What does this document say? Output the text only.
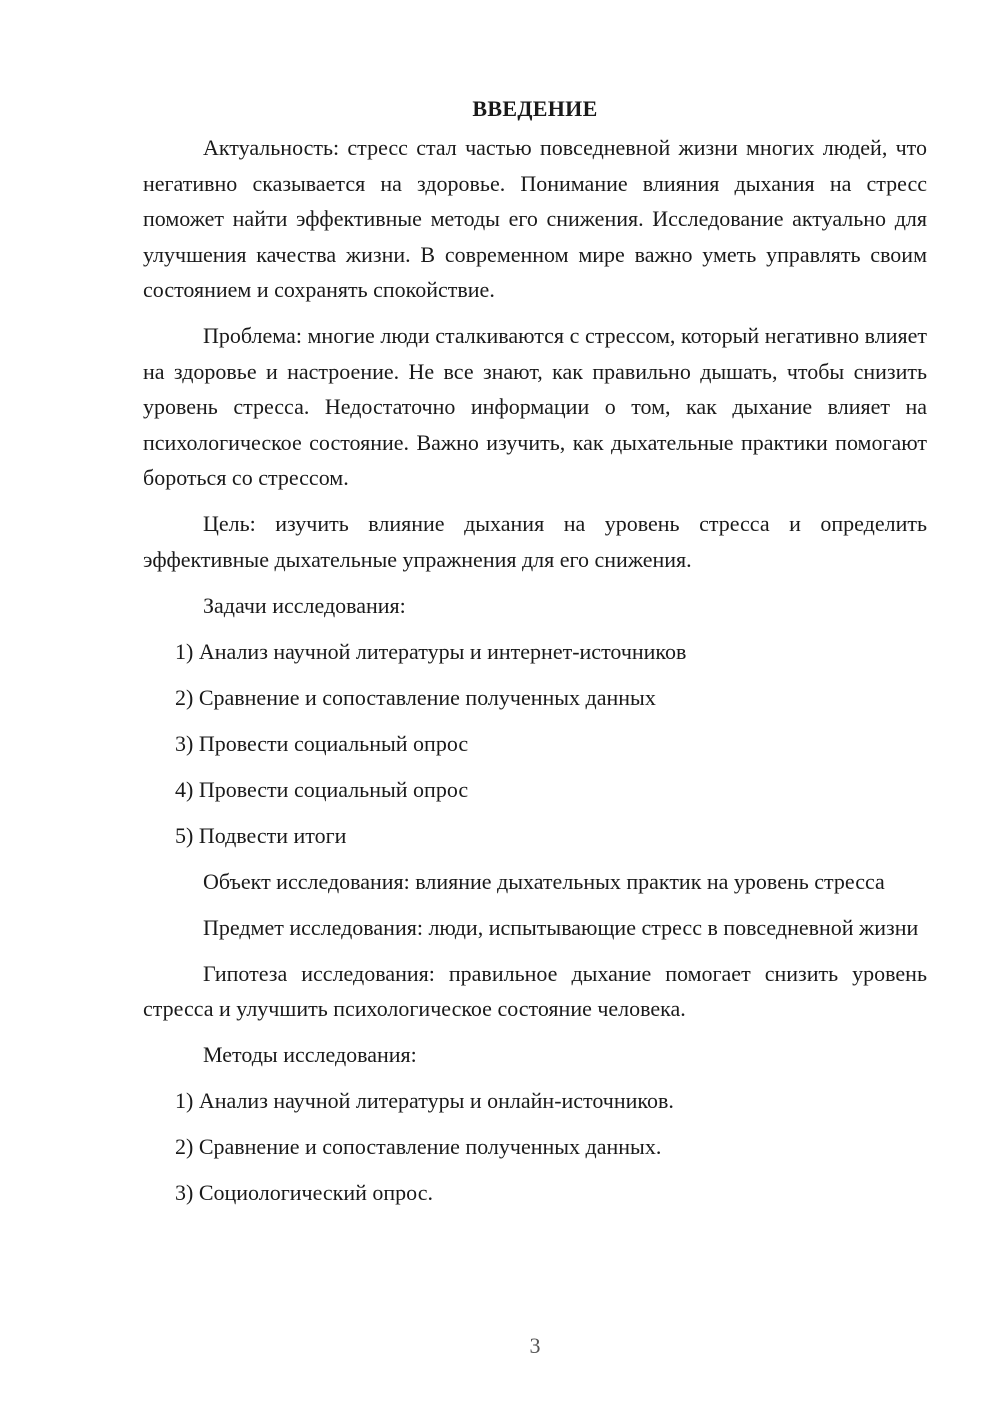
ВВЕДЕНИЕ

Актуальность: стресс стал частью повседневной жизни многих людей, что негативно сказывается на здоровье. Понимание влияния дыхания на стресс поможет найти эффективные методы его снижения. Исследование актуально для улучшения качества жизни. В современном мире важно уметь управлять своим состоянием и сохранять спокойствие.

Проблема: многие люди сталкиваются с стрессом, который негативно влияет на здоровье и настроение. Не все знают, как правильно дышать, чтобы снизить уровень стресса. Недостаточно информации о том, как дыхание влияет на психологическое состояние. Важно изучить, как дыхательные практики помогают бороться со стрессом.

Цель: изучить влияние дыхания на уровень стресса и определить эффективные дыхательные упражнения для его снижения.

Задачи исследования:
1) Анализ научной литературы и интернет-источников
2) Сравнение и сопоставление полученных данных
3) Провести социальный опрос
4) Провести социальный опрос
5) Подвести итоги

Объект исследования: влияние дыхательных практик на уровень стресса

Предмет исследования: люди, испытывающие стресс в повседневной жизни

Гипотеза исследования: правильное дыхание помогает снизить уровень стресса и улучшить психологическое состояние человека.

Методы исследования:
1) Анализ научной литературы и онлайн-источников.
2) Сравнение и сопоставление полученных данных.
3) Социологический опрос.
3
